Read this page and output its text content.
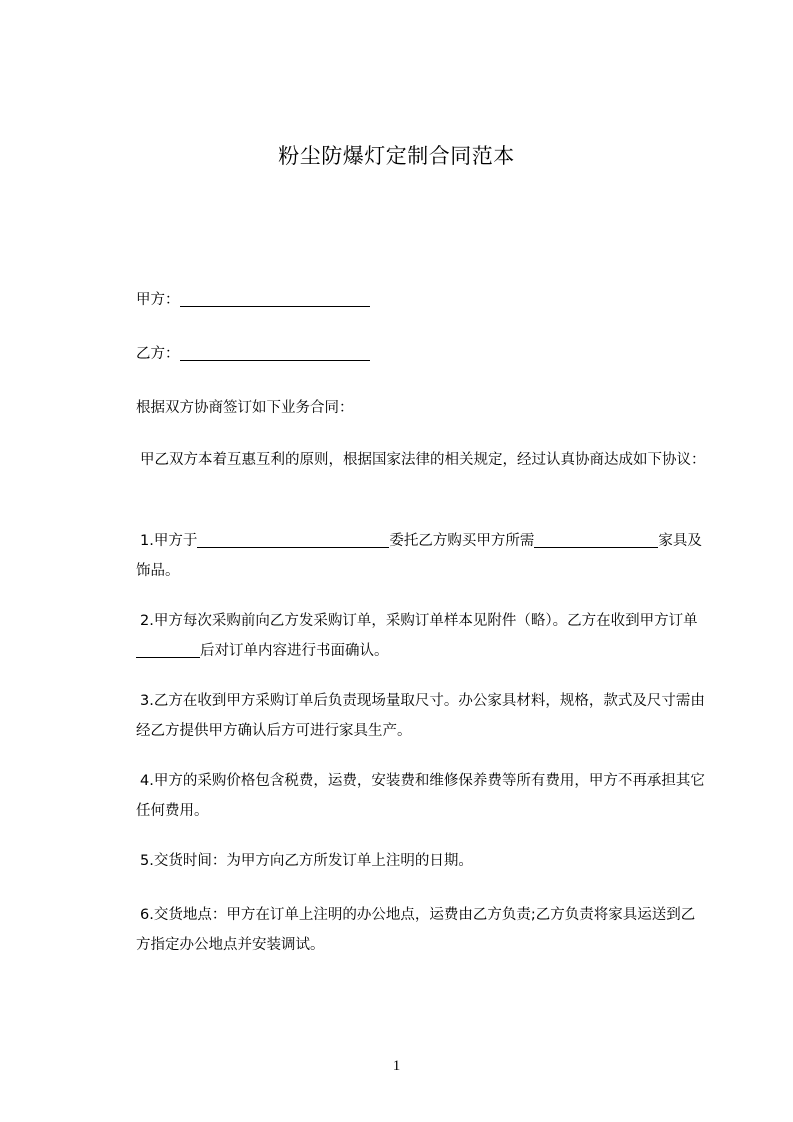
粉尘防爆灯定制合同范本
甲方：
乙方：
根据双方协商签订如下业务合同：
甲乙双方本着互惠互利的原则，根据国家法律的相关规定，经过认真协商达成如下协议：
1.甲方于	委托乙方购买甲方所需	家具及饰品。
2.甲方每次采购前向乙方发采购订单，采购订单样本见附件（略）。乙方在收到甲方订单后对订单内容进行书面确认。
3.乙方在收到甲方采购订单后负责现场量取尺寸。办公家具材料，规格，款式及尺寸需由经乙方提供甲方确认后方可进行家具生产。
4.甲方的采购价格包含税费，运费，安装费和维修保养费等所有费用，甲方不再承担其它任何费用。
5.交货时间：为甲方向乙方所发订单上注明的日期。
6.交货地点：甲方在订单上注明的办公地点，运费由乙方负责;乙方负责将家具运送到乙方指定办公地点并安装调试。
1
